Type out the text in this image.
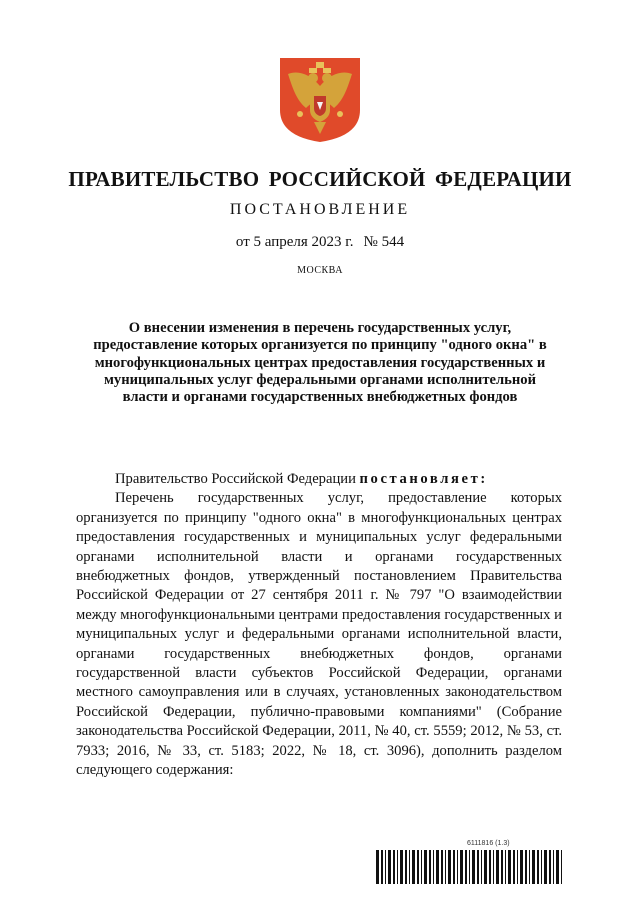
ПРАВИТЕЛЬСТВО РОССИЙСКОЙ ФЕДЕРАЦИИ
ПОСТАНОВЛЕНИЕ
от 5 апреля 2023 г. № 544
МОСКВА
О внесении изменения в перечень государственных услуг, предоставление которых организуется по принципу "одного окна" в многофункциональных центрах предоставления государственных и муниципальных услуг федеральными органами исполнительной власти и органами государственных внебюджетных фондов

Правительство Российской Федерации постановляет:

Перечень государственных услуг, предоставление которых организуется по принципу "одного окна" в многофункциональных центрах предоставления государственных и муниципальных услуг федеральными органами исполнительной власти и органами государственных внебюджетных фондов, утвержденный постановлением Правительства Российской Федерации от 27 сентября 2011 г. № 797 "О взаимодействии между многофункциональными центрами предоставления государственных и муниципальных услуг и федеральными органами исполнительной власти, органами государственных внебюджетных фондов, органами государственной власти субъектов Российской Федерации, органами местного самоуправления или в случаях, установленных законодательством Российской Федерации, публично-правовыми компаниями" (Собрание законодательства Российской Федерации, 2011, № 40, ст. 5559; 2012, № 53, ст. 7933; 2016, № 33, ст. 5183; 2022, № 18, ст. 3096), дополнить разделом следующего содержания:

6111816 (1.3)
